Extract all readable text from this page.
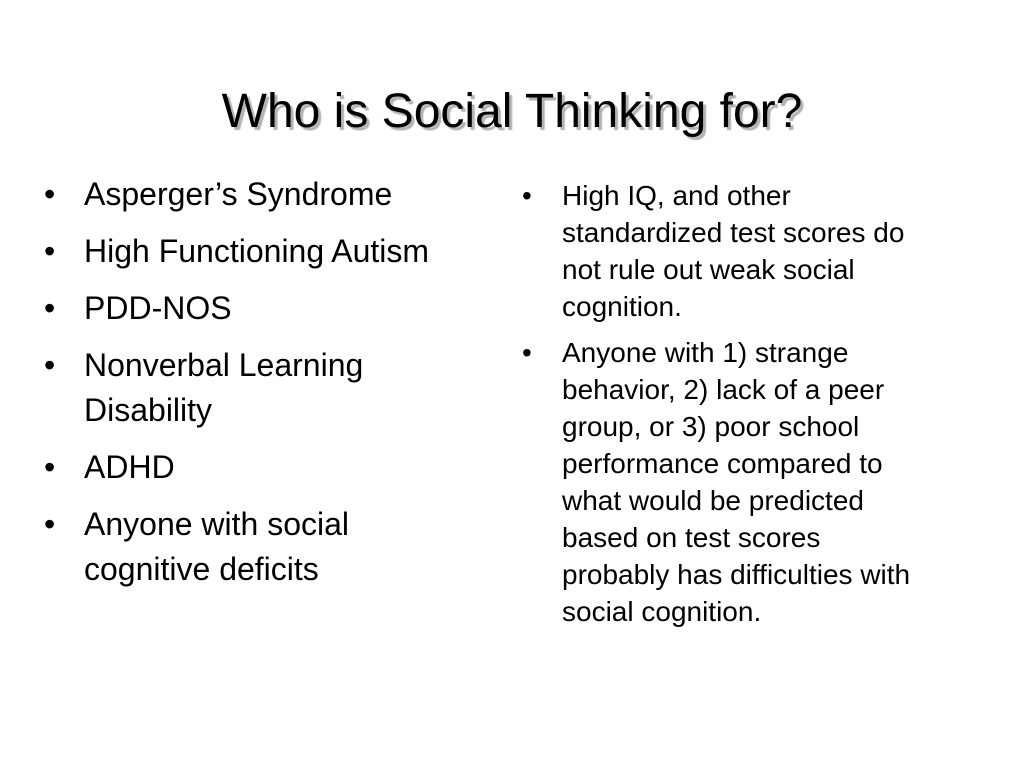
Who is Social Thinking for?
• Asperger’s Syndrome
• High Functioning Autism
• PDD-NOS
• Nonverbal Learning Disability
• ADHD
• Anyone with social cognitive deficits
• High IQ, and other standardized test scores do not rule out weak social cognition.
• Anyone with 1) strange behavior, 2) lack of a peer group, or 3) poor school performance compared to what would be predicted based on test scores probably has difficulties with social cognition.
